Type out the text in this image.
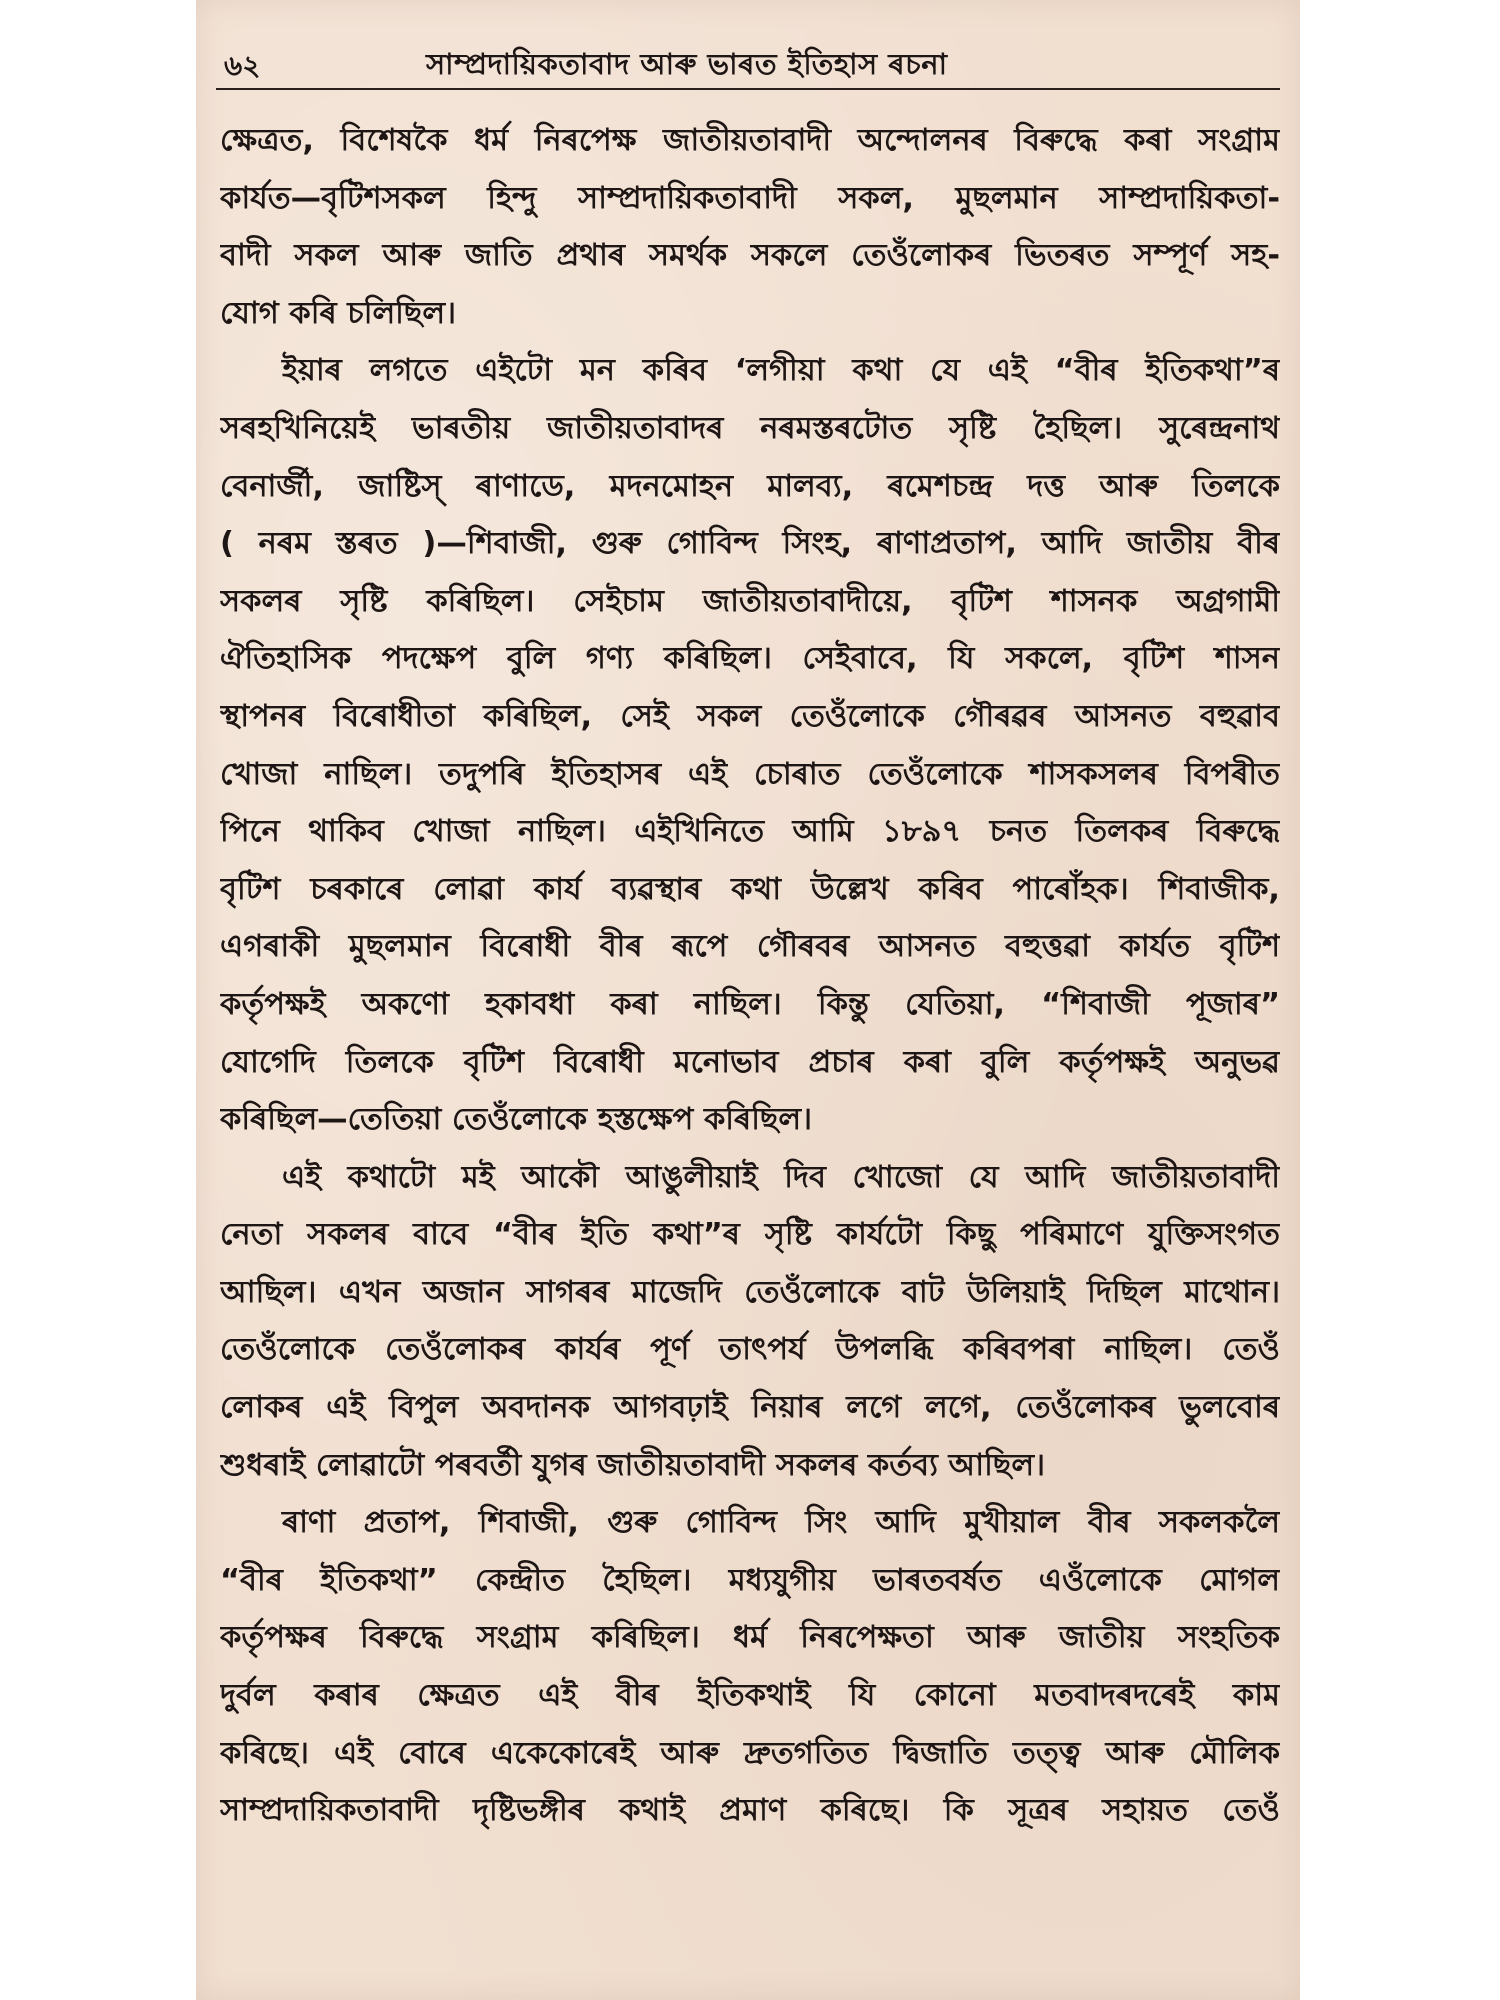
৬২	সাম্প্ৰদায়িকতাবাদ আৰু ভাৰত ইতিহাস ৰচনা
ক্ষেত্ৰত, বিশেষকৈ ধৰ্ম নিৰপেক্ষ জাতীয়তাবাদী অন্দোলনৰ বিৰুদ্ধে কৰা সংগ্ৰাম
কাৰ্যত—বৃটিশসকল হিন্দু সাম্প্ৰদায়িকতাবাদী সকল, মুছলমান সাম্প্ৰদায়িকতা-
বাদী সকল আৰু জাতি প্ৰথাৰ সমৰ্থক সকলে তেওঁলোকৰ ভিতৰত সম্পূৰ্ণ সহ-
যোগ কৰি চলিছিল।
ইয়াৰ লগতে এইটো মন কৰিব ‘লগীয়া কথা যে এই “বীৰ ইতিকথা”ৰ
সৰহখিনিয়েই ভাৰতীয় জাতীয়তাবাদৰ নৰমস্তৰটোত সৃষ্টি হৈছিল। সুৰেন্দ্ৰনাথ
বেনাৰ্জী, জাষ্টিস্ ৰাণাডে, মদনমোহন মালব্য, ৰমেশচন্দ্ৰ দত্ত আৰু তিলকে
( নৰম স্তৰত )—শিবাজী, গুৰু গোবিন্দ সিংহ, ৰাণাপ্ৰতাপ, আদি জাতীয় বীৰ
সকলৰ সৃষ্টি কৰিছিল। সেইচাম জাতীয়তাবাদীয়ে, বৃটিশ শাসনক অগ্ৰগামী
ঐতিহাসিক পদক্ষেপ বুলি গণ্য কৰিছিল। সেইবাবে, যি সকলে, বৃটিশ শাসন
স্থাপনৰ বিৰোধীতা কৰিছিল, সেই সকল তেওঁলোকে গৌৰৱৰ আসনত বহুৱাব
খোজা নাছিল। তদুপৰি ইতিহাসৰ এই চোৰাত তেওঁলোকে শাসকসলৰ বিপৰীত
পিনে থাকিব খোজা নাছিল। এইখিনিতে আমি ১৮৯৭ চনত তিলকৰ বিৰুদ্ধে
বৃটিশ চৰকাৰে লোৱা কাৰ্য ব্যৱস্থাৰ কথা উল্লেখ কৰিব পাৰোঁহক। শিবাজীক,
এগৰাকী মুছলমান বিৰোধী বীৰ ৰূপে গৌৰবৰ আসনত বহুত্তৱা কাৰ্যত বৃটিশ
কৰ্তৃপক্ষই অকণো হকাবধা কৰা নাছিল। কিন্তু যেতিয়া, “শিবাজী পূজাৰ”
যোগেদি তিলকে বৃটিশ বিৰোধী মনোভাব প্ৰচাৰ কৰা বুলি কৰ্তৃপক্ষই অনুভৱ
কৰিছিল—তেতিয়া তেওঁলোকে হস্তক্ষেপ কৰিছিল।
এই কথাটো মই আকৌ আঙুলীয়াই দিব খোজো যে আদি জাতীয়তাবাদী
নেতা সকলৰ বাবে “বীৰ ইতি কথা”ৰ সৃষ্টি কাৰ্যটো কিছু পৰিমাণে যুক্তিসংগত
আছিল। এখন অজান সাগৰৰ মাজেদি তেওঁলোকে বাট উলিয়াই দিছিল মাথোন।
তেওঁলোকে তেওঁলোকৰ কাৰ্যৰ পূৰ্ণ তাৎপৰ্য উপলব্ধি কৰিবপৰা নাছিল। তেওঁ
লোকৰ এই বিপুল অবদানক আগবঢ়াই নিয়াৰ লগে লগে, তেওঁলোকৰ ভুলবোৰ
শুধৰাই লোৱাটো পৰবৰ্তী যুগৰ জাতীয়তাবাদী সকলৰ কৰ্তব্য আছিল।
ৰাণা প্ৰতাপ, শিবাজী, গুৰু গোবিন্দ সিং আদি মুখীয়াল বীৰ সকলকলৈ
“বীৰ ইতিকথা” কেন্দ্ৰীত হৈছিল। মধ্যযুগীয় ভাৰতবৰ্ষত এওঁলোকে মোগল
কৰ্তৃপক্ষৰ বিৰুদ্ধে সংগ্ৰাম কৰিছিল। ধৰ্ম নিৰপেক্ষতা আৰু জাতীয় সংহতিক
দুৰ্বল কৰাৰ ক্ষেত্ৰত এই বীৰ ইতিকথাই যি কোনো মতবাদৰদৰেই কাম
কৰিছে। এই বোৰে একেকোৰেই আৰু দ্ৰুতগতিত দ্বিজাতি তত্ত্ব আৰু মৌলিক
সাম্প্ৰদায়িকতাবাদী দৃষ্টিভঙ্গীৰ কথাই প্ৰমাণ কৰিছে। কি সূত্ৰৰ সহায়ত তেওঁ
